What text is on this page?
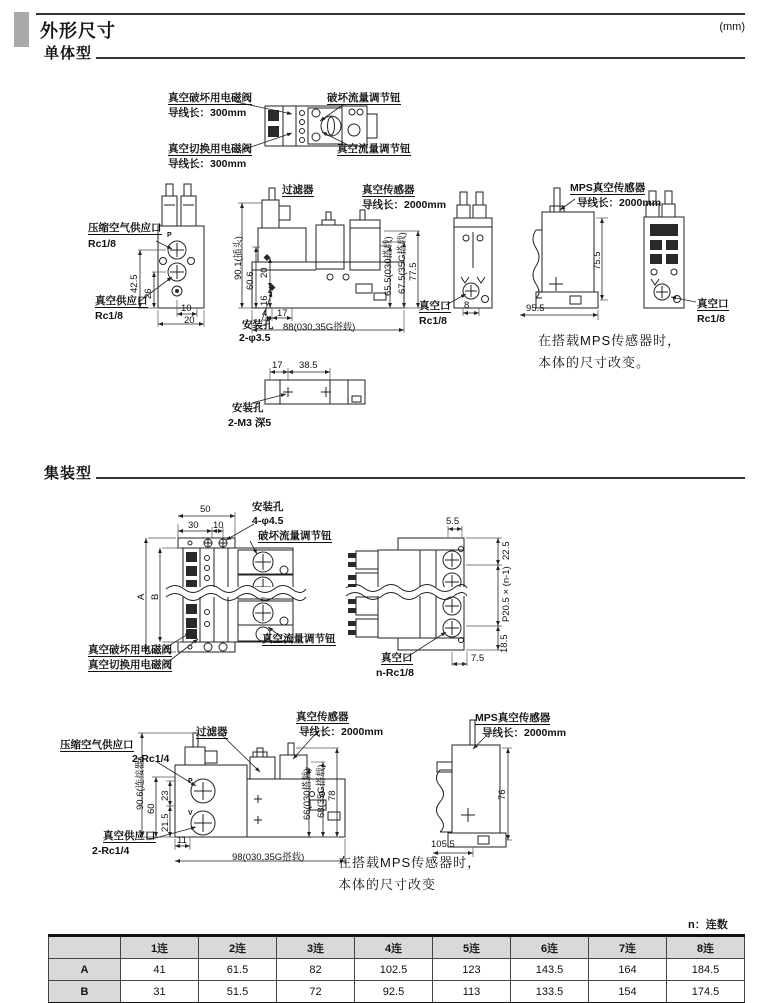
外形尺寸	(mm)
单体型
真空破坏用电磁阀
导线长：300mm
真空切换用电磁阀
导线长：300mm
破坏流量调节钮
真空流量调节钮
压缩空气供应口
Rc1/8
P
42.5
26
10
20
真空供应口
Rc1/8
过滤器	真空传感器
导线长：2000mm
90.1(插头)
60.6 20
16
4 17
88(030,35G搭载)
安装孔
2-φ3.5
65.5(030搭载) 67.5(35G搭载) 77.5
真空口
Rc1/8
8
MPS真空传感器
导线长：2000mm
75.5
95.5	真空口
Rc1/8
在搭载MPS传感器时，
本体的尺寸改变。
17 38.5
安装孔
2-M3 深5
集装型
50
30 10
安装孔
4-φ4.5
破坏流量调节钮
A B
真空流量调节钮
真空破坏用电磁阀
真空切换用电磁阀
5.5
22.5
P20.5 × (n-1)
18.5
7.5
真空口
n-Rc1/8
压缩空气供应口
2-Rc1/4
过滤器
真空传感器
导线长：2000mm
90.6(连接器) 60
23
21.5
P
V
真空供应口
2-Rc1/4
11
98(030,35G搭载)
66(030搭载) 68(35G搭载) 78
MPS真空传感器
导线长：2000mm
76
105.5
在搭载MPS传感器时，
本体的尺寸改变
n：连数
	1连	2连	3连	4连	5连	6连	7连	8连
A	41	61.5	82	102.5	123	143.5	164	184.5
B	31	51.5	72	92.5	113	133.5	154	174.5
